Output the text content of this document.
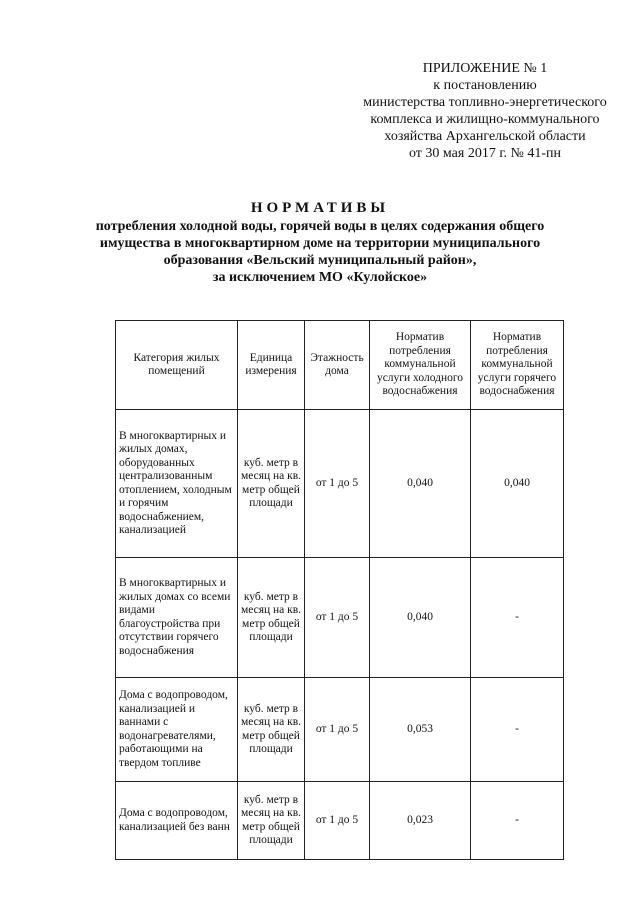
ПРИЛОЖЕНИЕ № 1
к постановлению
министерства топливно-энергетического
комплекса и жилищно-коммунального
хозяйства Архангельской области
от 30 мая 2017 г. № 41-пн
НОРМАТИВЫ
потребления холодной воды, горячей воды в целях содержания общего
имущества в многоквартирном доме на территории муниципального
образования «Вельский муниципальный район»,
за исключением МО «Кулойское»
Категория жилых помещений	Единица измерения	Этажность дома	Норматив потребления коммунальной услуги холодного водоснабжения	Норматив потребления коммунальной услуги горячего водоснабжения
В многоквартирных и жилых домах, оборудованных централизованным отоплением, холодным и горячим водоснабжением, канализацией	куб. метр в месяц на кв. метр общей площади	от 1 до 5	0,040	0,040
В многоквартирных и жилых домах со всеми видами благоустройства при отсутствии горячего водоснабжения	куб. метр в месяц на кв. метр общей площади	от 1 до 5	0,040	-
Дома с водопроводом, канализацией и ваннами с водонагревателями, работающими на твердом топливе	куб. метр в месяц на кв. метр общей площади	от 1 до 5	0,053	-
Дома с водопроводом, канализацией без ванн	куб. метр в месяц на кв. метр общей площади	от 1 до 5	0,023	-
